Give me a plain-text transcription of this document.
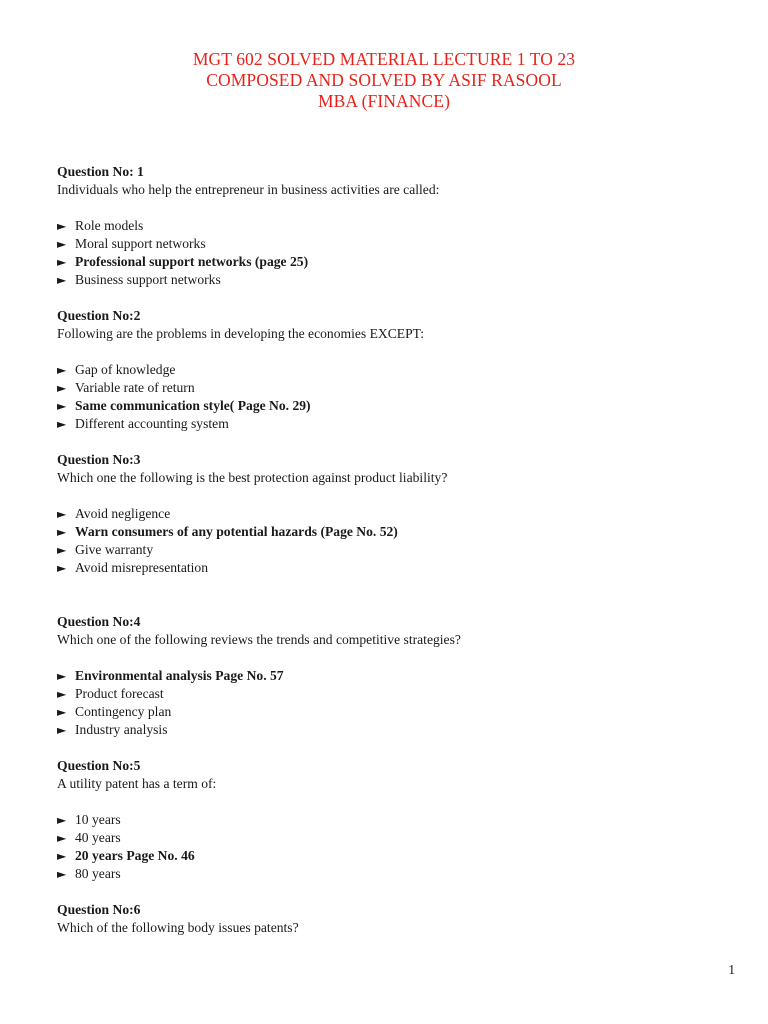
MGT 602 SOLVED MATERIAL LECTURE 1 TO 23
COMPOSED AND SOLVED BY ASIF RASOOL
MBA (FINANCE)
Question No: 1
Individuals who help the entrepreneur in business activities are called:
► Role models
► Moral support networks
► Professional support networks (page 25)
► Business support networks
Question No:2
Following are the problems in developing the economies EXCEPT:
► Gap of knowledge
► Variable rate of return
► Same communication style( Page No. 29)
► Different accounting system
Question No:3
Which one the following is the best protection against product liability?
► Avoid negligence
► Warn consumers of any potential hazards (Page No. 52)
► Give warranty
► Avoid misrepresentation
Question No:4
Which one of the following reviews the trends and competitive strategies?
► Environmental analysis Page No. 57
► Product forecast
► Contingency plan
► Industry analysis
Question No:5
A utility patent has a term of:
► 10 years
► 40 years
► 20 years Page No. 46
► 80 years
Question No:6
Which of the following body issues patents?
1
